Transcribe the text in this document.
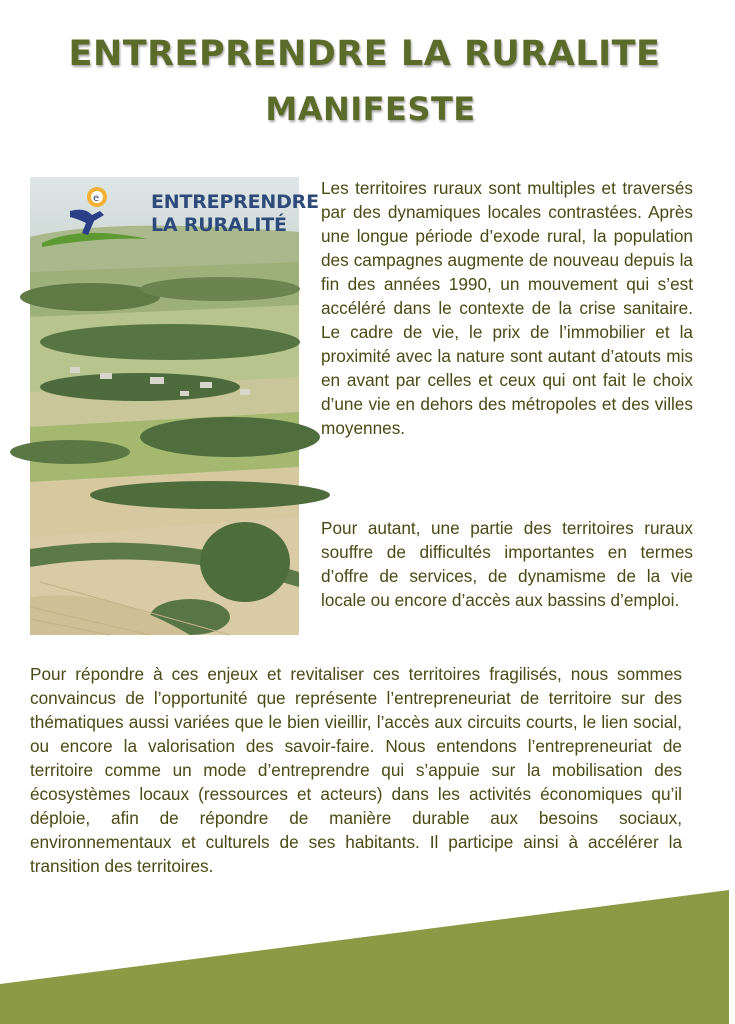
ENTREPRENDRE LA RURALITE
MANIFESTE
e	ENTREPRENDRE
LA RURALITÉ

Les territoires ruraux sont multiples et traversés par des dynamiques locales contrastées. Après une longue période d’exode rural, la population des campagnes augmente de nouveau depuis la fin des années 1990, un mouvement qui s’est accéléré dans le contexte de la crise sanitaire. Le cadre de vie, le prix de l’immobilier et la proximité avec la nature sont autant d’atouts mis en avant par celles et ceux qui ont fait le choix d’une vie en dehors des métropoles et des villes moyennes.

Pour autant, une partie des territoires ruraux souffre de difficultés importantes en termes d’offre de services, de dynamisme de la vie locale ou encore d’accès aux bassins d’emploi.

Pour répondre à ces enjeux et revitaliser ces territoires fragilisés, nous sommes convaincus de l’opportunité que représente l’entrepreneuriat de territoire sur des thématiques aussi variées que le bien vieillir, l’accès aux circuits courts, le lien social, ou encore la valorisation des savoir-faire. Nous entendons l’entrepreneuriat de territoire comme un mode d’entreprendre qui s’appuie sur la mobilisation des écosystèmes locaux (ressources et acteurs) dans les activités économiques qu’il déploie, afin de répondre de manière durable aux besoins sociaux, environnementaux et culturels de ses habitants. Il participe ainsi à accélérer la transition des territoires.
